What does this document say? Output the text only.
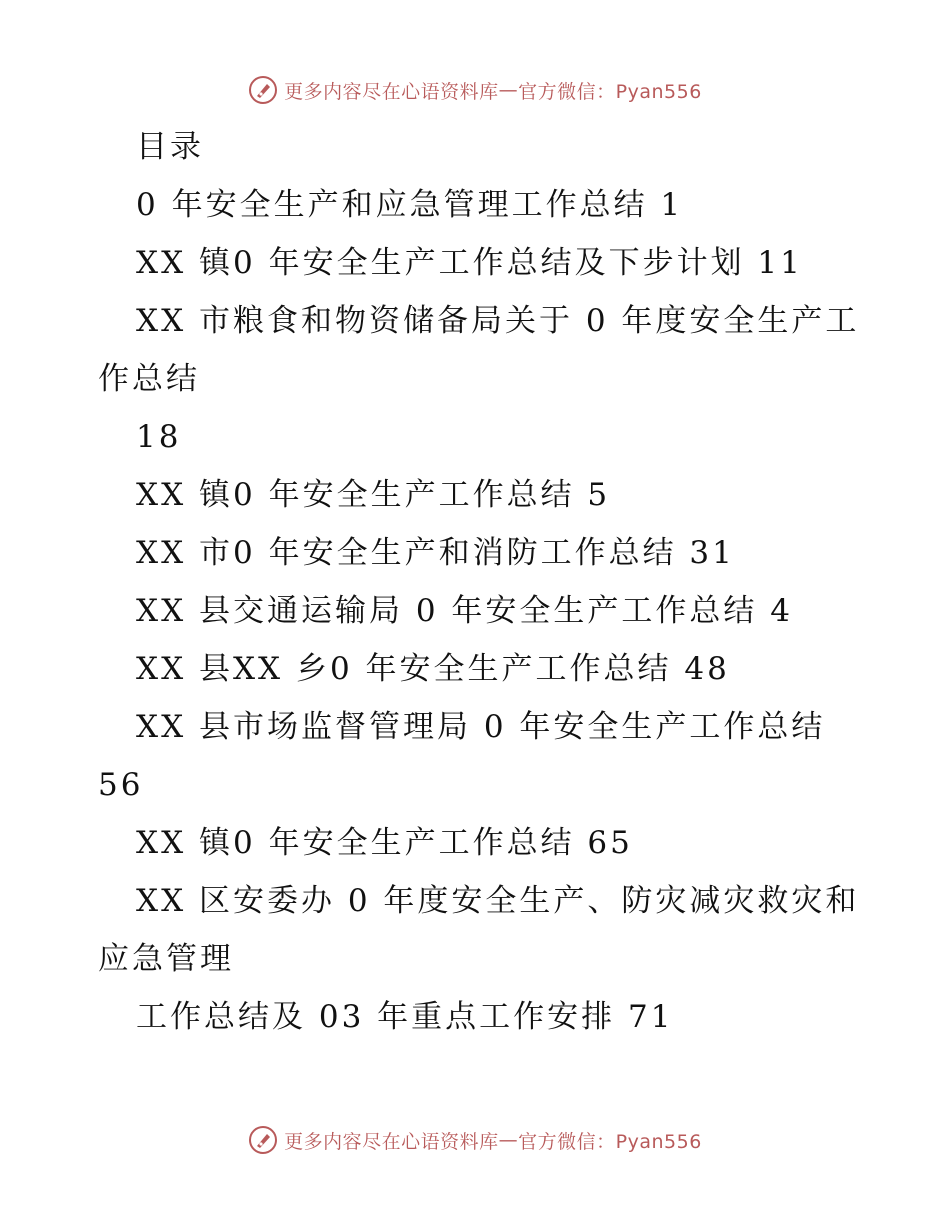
更多内容尽在心语资料库 — 官方微信：Pyan556
目录
0 年安全生产和应急管理工作总结 1
XX 镇0 年安全生产工作总结及下步计划 11
XX 市粮食和物资储备局关于 0 年度安全生产工
作总结
18
XX 镇0 年安全生产工作总结 5
XX 市0 年安全生产和消防工作总结 31
XX 县交通运输局 0 年安全生产工作总结 4
XX 县XX 乡0 年安全生产工作总结 48
XX 县市场监督管理局 0 年安全生产工作总结
56
XX 镇0 年安全生产工作总结 65
XX 区安委办 0 年度安全生产、防灾减灾救灾和
应急管理
工作总结及 03 年重点工作安排 71
更多内容尽在心语资料库 — 官方微信：Pyan556
